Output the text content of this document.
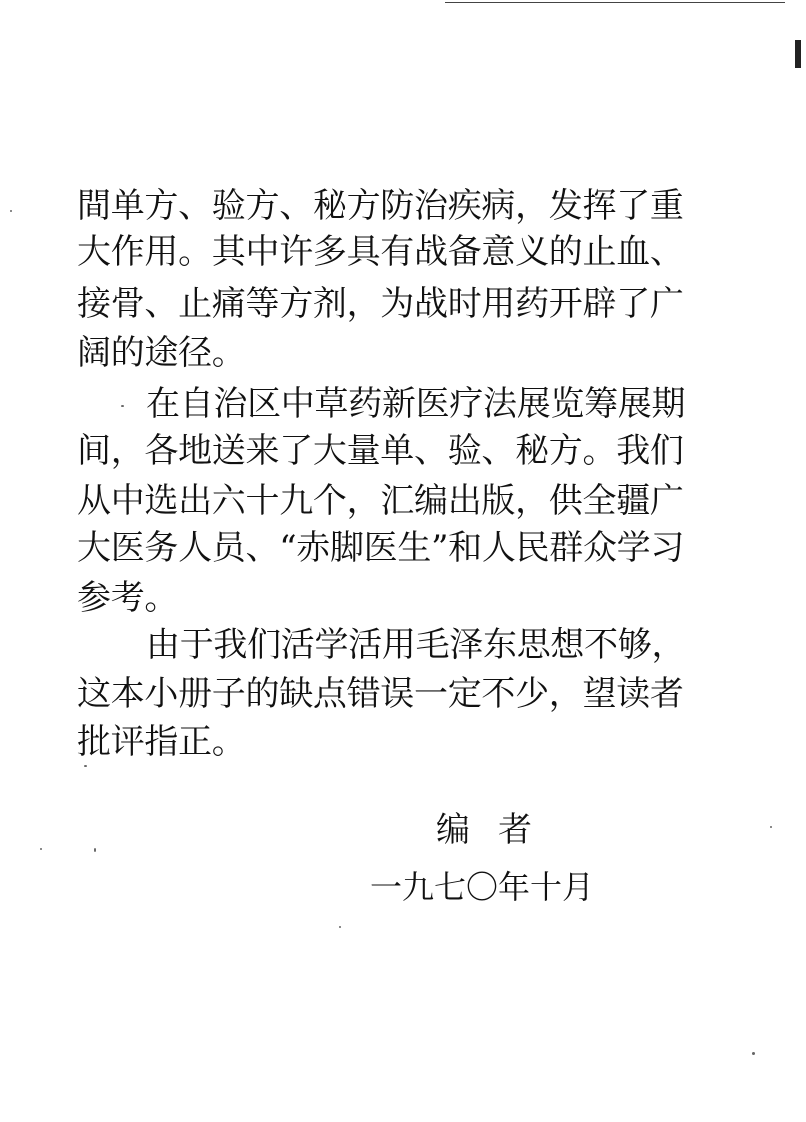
間单方、验方、秘方防治疾病，发挥了重
大作用。其中许多具有战备意义的止血、
接骨、止痛等方剂，为战时用药开辟了广
阔的途径。
在自治区中草药新医疗法展览筹展期
间，各地送来了大量单、验、秘方。我们
从中选出六十九个，汇编出版，供全疆广
大医务人员、“赤脚医生”和人民群众学习
参考。
由于我们活学活用毛泽东思想不够，
这本小册子的缺点错误一定不少，望读者
批评指正。
编者
一九七〇年十月
